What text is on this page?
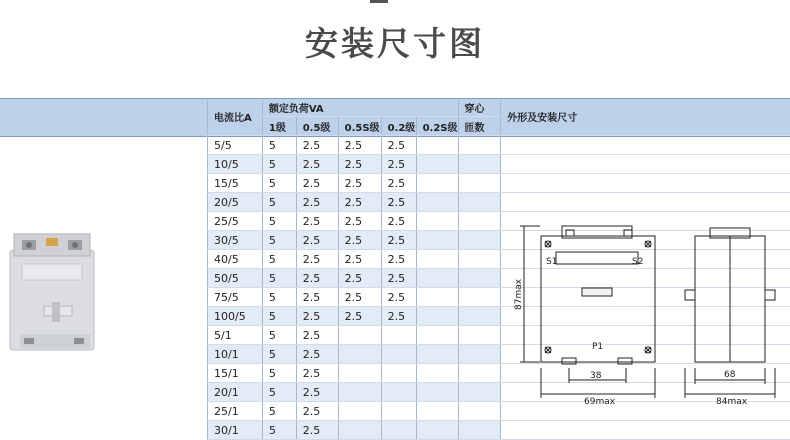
安装尺寸图
电流比A	额定负荷VA					穿心	外形及安装尺寸
	1级	0.5级	0.5S级	0.2级	0.2S级	匝数	
5/5	5	2.5	2.5	2.5			
10/5	5	2.5	2.5	2.5			
15/5	5	2.5	2.5	2.5			
20/5	5	2.5	2.5	2.5			
25/5	5	2.5	2.5	2.5			
30/5	5	2.5	2.5	2.5			
40/5	5	2.5	2.5	2.5			
50/5	5	2.5	2.5	2.5			
75/5	5	2.5	2.5	2.5			
100/5	5	2.5	2.5	2.5			
5/1	5	2.5					
10/1	5	2.5					
15/1	5	2.5					
20/1	5	2.5					
25/1	5	2.5					
30/1	5	2.5					
S1	S2
P1
87max
38
69max
68
84max
